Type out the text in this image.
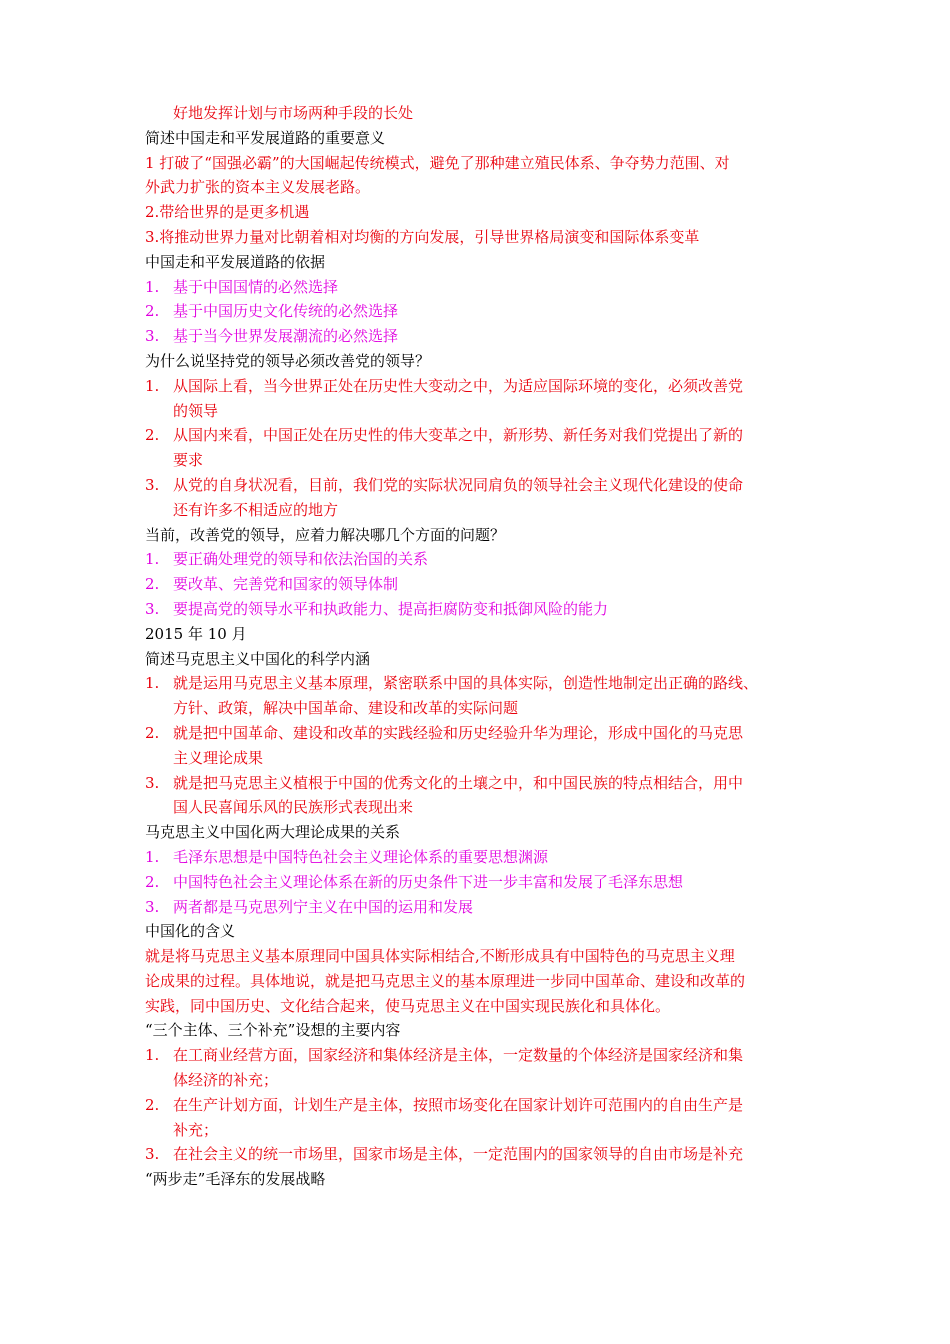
好地发挥计划与市场两种手段的长处
简述中国走和平发展道路的重要意义
1 打破了“国强必霸”的大国崛起传统模式，避免了那种建立殖民体系、争夺势力范围、对
外武力扩张的资本主义发展老路。
2.带给世界的是更多机遇
3.将推动世界力量对比朝着相对均衡的方向发展，引导世界格局演变和国际体系变革
中国走和平发展道路的依据
1. 基于中国国情的必然选择
2. 基于中国历史文化传统的必然选择
3. 基于当今世界发展潮流的必然选择
为什么说坚持党的领导必须改善党的领导？
1. 从国际上看，当今世界正处在历史性大变动之中，为适应国际环境的变化，必须改善党
的领导
2. 从国内来看，中国正处在历史性的伟大变革之中，新形势、新任务对我们党提出了新的
要求
3. 从党的自身状况看，目前，我们党的实际状况同肩负的领导社会主义现代化建设的使命
还有许多不相适应的地方
当前，改善党的领导，应着力解决哪几个方面的问题？
1. 要正确处理党的领导和依法治国的关系
2. 要改革、完善党和国家的领导体制
3. 要提高党的领导水平和执政能力、提高拒腐防变和抵御风险的能力
2015 年 10 月
简述马克思主义中国化的科学内涵
1. 就是运用马克思主义基本原理，紧密联系中国的具体实际，创造性地制定出正确的路线、
方针、政策，解决中国革命、建设和改革的实际问题
2. 就是把中国革命、建设和改革的实践经验和历史经验升华为理论，形成中国化的马克思
主义理论成果
3. 就是把马克思主义植根于中国的优秀文化的土壤之中，和中国民族的特点相结合，用中
国人民喜闻乐风的民族形式表现出来
马克思主义中国化两大理论成果的关系
1. 毛泽东思想是中国特色社会主义理论体系的重要思想渊源
2. 中国特色社会主义理论体系在新的历史条件下进一步丰富和发展了毛泽东思想
3. 两者都是马克思列宁主义在中国的运用和发展
中国化的含义
就是将马克思主义基本原理同中国具体实际相结合,不断形成具有中国特色的马克思主义理
论成果的过程。具体地说，就是把马克思主义的基本原理进一步同中国革命、建设和改革的
实践，同中国历史、文化结合起来，使马克思主义在中国实现民族化和具体化。
“三个主体、三个补充”设想的主要内容
1. 在工商业经营方面，国家经济和集体经济是主体，一定数量的个体经济是国家经济和集
体经济的补充；
2. 在生产计划方面，计划生产是主体，按照市场变化在国家计划许可范围内的自由生产是
补充；
3. 在社会主义的统一市场里，国家市场是主体，一定范围内的国家领导的自由市场是补充
“两步走”毛泽东的发展战略
